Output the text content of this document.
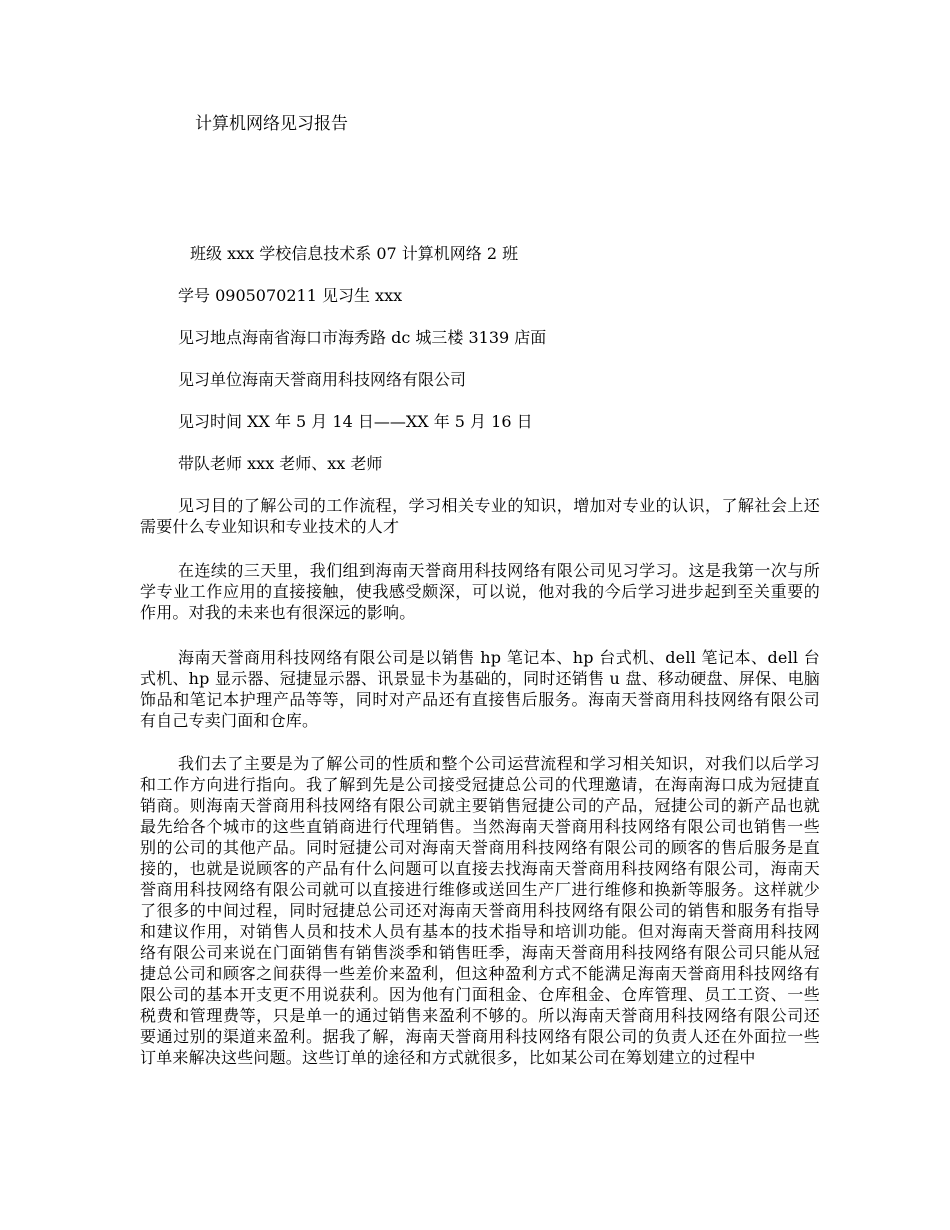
计算机网络见习报告
班级 xxx 学校信息技术系 07 计算机网络 2 班
学号 0905070211 见习生 xxx
见习地点海南省海口市海秀路 dc 城三楼 3139 店面
见习单位海南天誉商用科技网络有限公司
见习时间 XX 年 5 月 14 日——XX 年 5 月 16 日
带队老师 xxx 老师、xx 老师

见习目的了解公司的工作流程，学习相关专业的知识，增加对专业的认识，了解社会上还需要什么专业知识和专业技术的人才

在连续的三天里，我们组到海南天誉商用科技网络有限公司见习学习。这是我第一次与所学专业工作应用的直接接触，使我感受颇深，可以说，他对我的今后学习进步起到至关重要的作用。对我的未来也有很深远的影响。

海南天誉商用科技网络有限公司是以销售 hp 笔记本、hp 台式机、dell 笔记本、dell 台式机、hp 显示器、冠捷显示器、讯景显卡为基础的，同时还销售 u 盘、移动硬盘、屏保、电脑饰品和笔记本护理产品等等，同时对产品还有直接售后服务。海南天誉商用科技网络有限公司有自己专卖门面和仓库。

我们去了主要是为了解公司的性质和整个公司运营流程和学习相关知识，对我们以后学习和工作方向进行指向。我了解到先是公司接受冠捷总公司的代理邀请，在海南海口成为冠捷直销商。则海南天誉商用科技网络有限公司就主要销售冠捷公司的产品，冠捷公司的新产品也就最先给各个城市的这些直销商进行代理销售。当然海南天誉商用科技网络有限公司也销售一些别的公司的其他产品。同时冠捷公司对海南天誉商用科技网络有限公司的顾客的售后服务是直接的，也就是说顾客的产品有什么问题可以直接去找海南天誉商用科技网络有限公司，海南天誉商用科技网络有限公司就可以直接进行维修或送回生产厂进行维修和换新等服务。这样就少了很多的中间过程，同时冠捷总公司还对海南天誉商用科技网络有限公司的销售和服务有指导和建议作用，对销售人员和技术人员有基本的技术指导和培训功能。但对海南天誉商用科技网络有限公司来说在门面销售有销售淡季和销售旺季，海南天誉商用科技网络有限公司只能从冠捷总公司和顾客之间获得一些差价来盈利，但这种盈利方式不能满足海南天誉商用科技网络有限公司的基本开支更不用说获利。因为他有门面租金、仓库租金、仓库管理、员工工资、一些税费和管理费等，只是单一的通过销售来盈利不够的。所以海南天誉商用科技网络有限公司还要通过别的渠道来盈利。据我了解，海南天誉商用科技网络有限公司的负责人还在外面拉一些订单来解决这些问题。这些订单的途径和方式就很多，比如某公司在筹划建立的过程中
